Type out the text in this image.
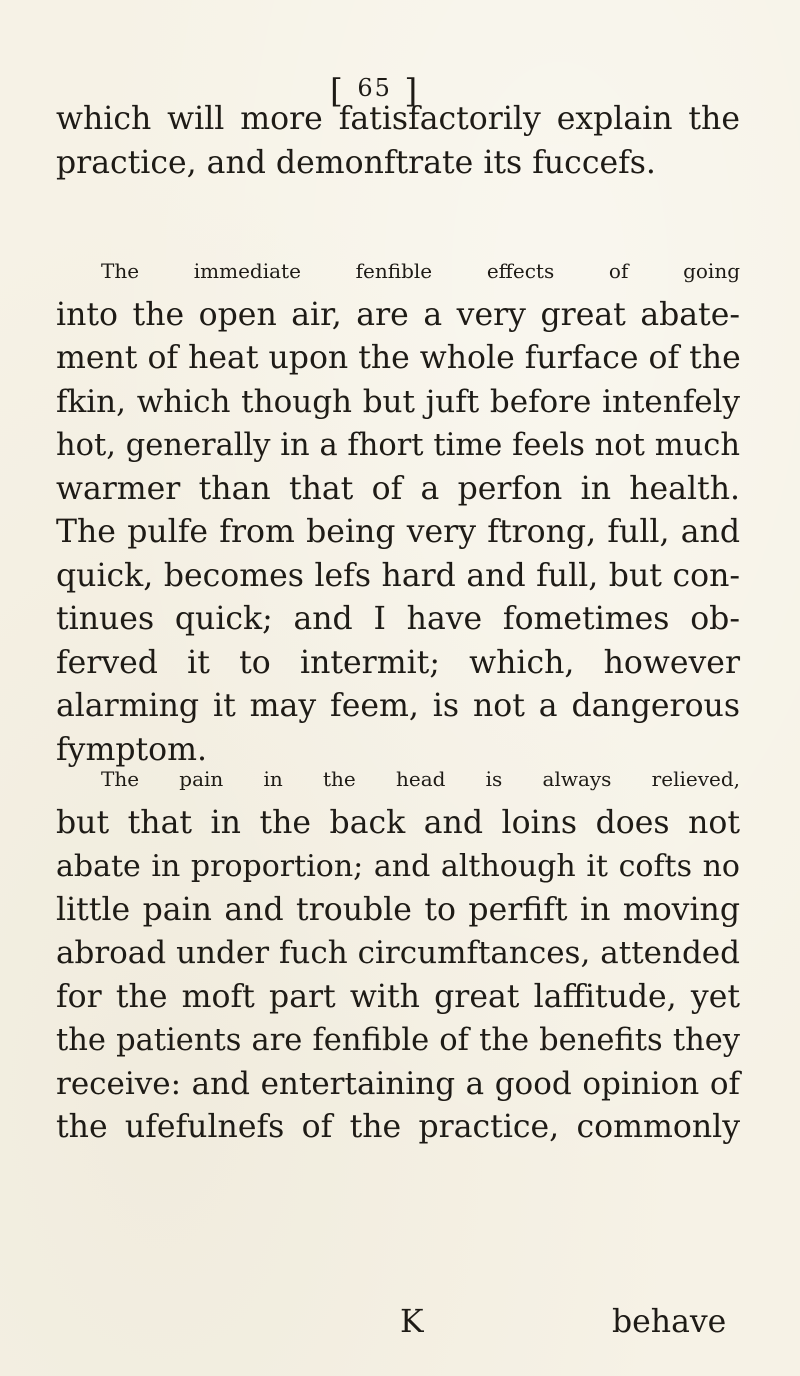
[ 65 ]
which will more fatisfactorily explain the
practice, and demonftrate its fuccefs.
The immediate fenfible effects of going
into the open air, are a very great abate-
ment of heat upon the whole furface of the
fkin, which though but juft before intenfely
hot, generally in a fhort time feels not much
warmer than that of a perfon in health.
The pulfe from being very ftrong, full, and
quick, becomes lefs hard and full, but con-
tinues quick; and I have fometimes ob-
ferved it to intermit; which, however
alarming it may feem, is not a dangerous
fymptom.
The pain in the head is always relieved,
but that in the back and loins does not
abate in proportion; and although it cofts no
little pain and trouble to perfift in moving
abroad under fuch circumftances, attended
for the moft part with great laffitude, yet
the patients are fenfible of the benefits they
receive: and entertaining a good opinion of
the ufefulnefs of the practice, commonly
K	behave
